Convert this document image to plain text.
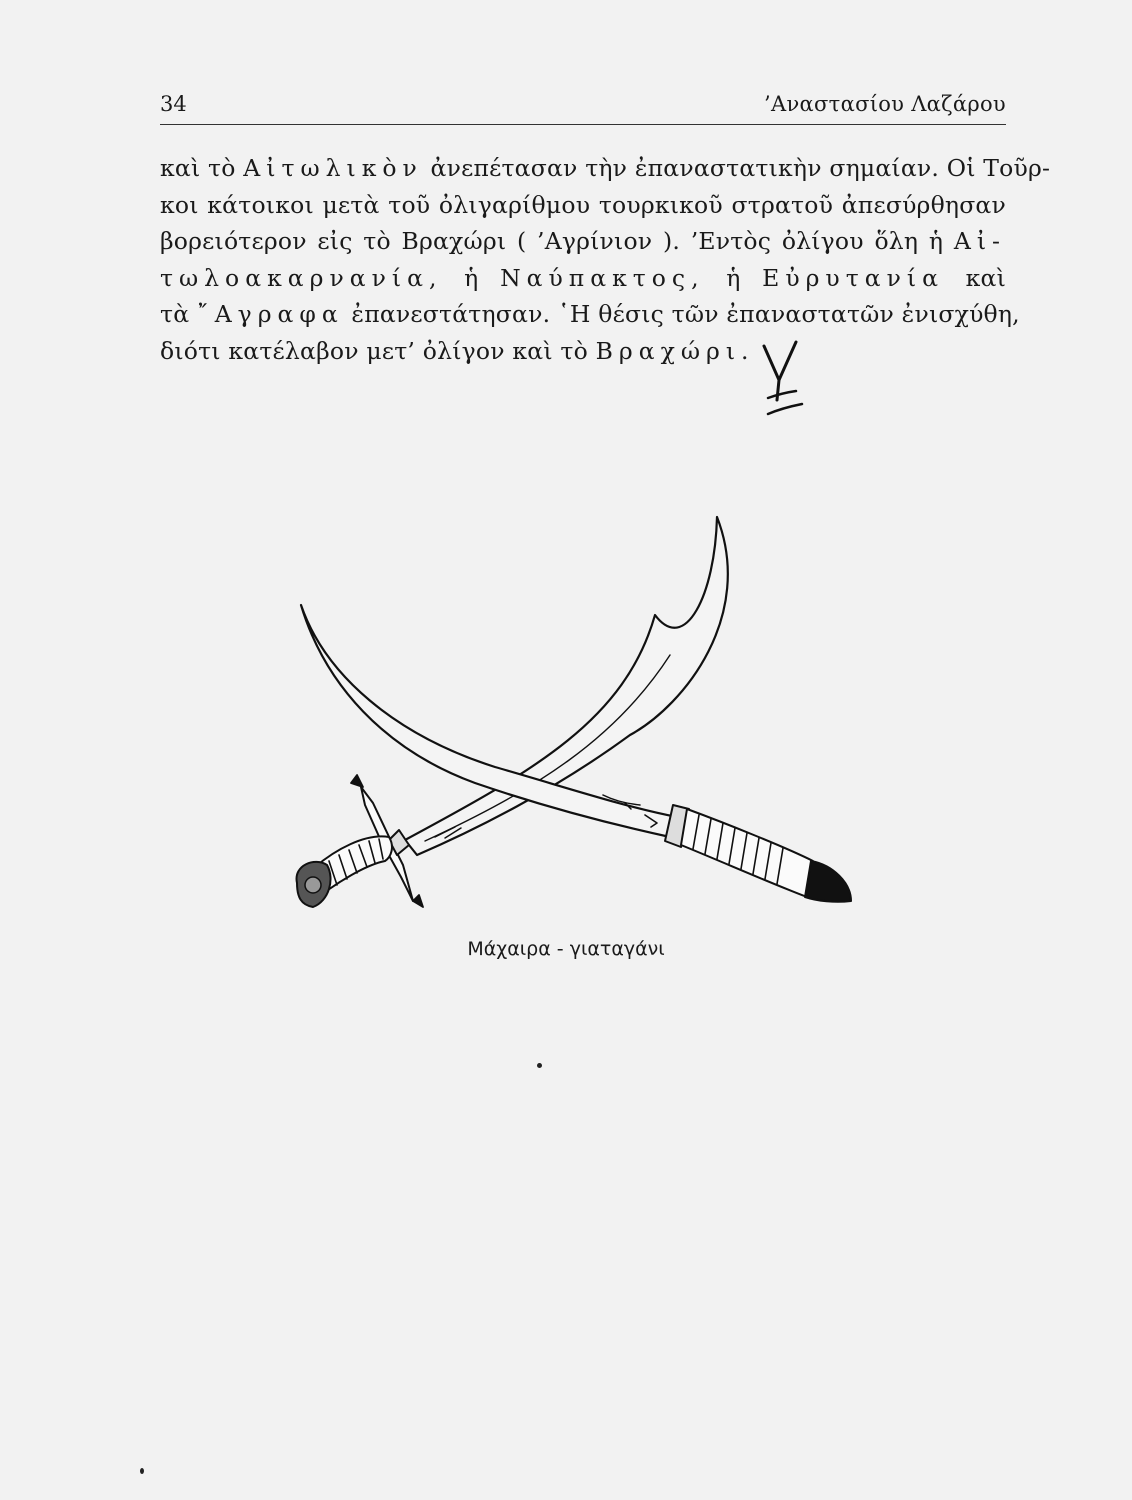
34	’Αναστασίου Λαζάρου
καὶ τὸ Αἰτωλικὸν ἀνεπέτασαν τὴν ἐπαναστατικὴν σημαίαν. Οἱ Τοῦρ-
κοι κάτοικοι μετὰ τοῦ ὀλιγαρίθμου τουρκικοῦ στρατοῦ ἀπεσύρθησαν
βορειότερον εἰς τὸ Βραχώρι ( ’Αγρίνιον ). ’Εντὸς ὀλίγου ὅλη ἡ Αἰ-
τωλοακαρνανία, ἡ Ναύπακτος, ἡ Εὐρυτανία καὶ
τὰ ῎Αγραφα ἐπανεστάτησαν. ῾Η θέσις τῶν ἐπαναστατῶν ἐνισχύθη,
διότι κατέλαβον μετ’ ὀλίγον καὶ τὸ Βραχώρι.
Μάχαιρα - γιαταγάνι
